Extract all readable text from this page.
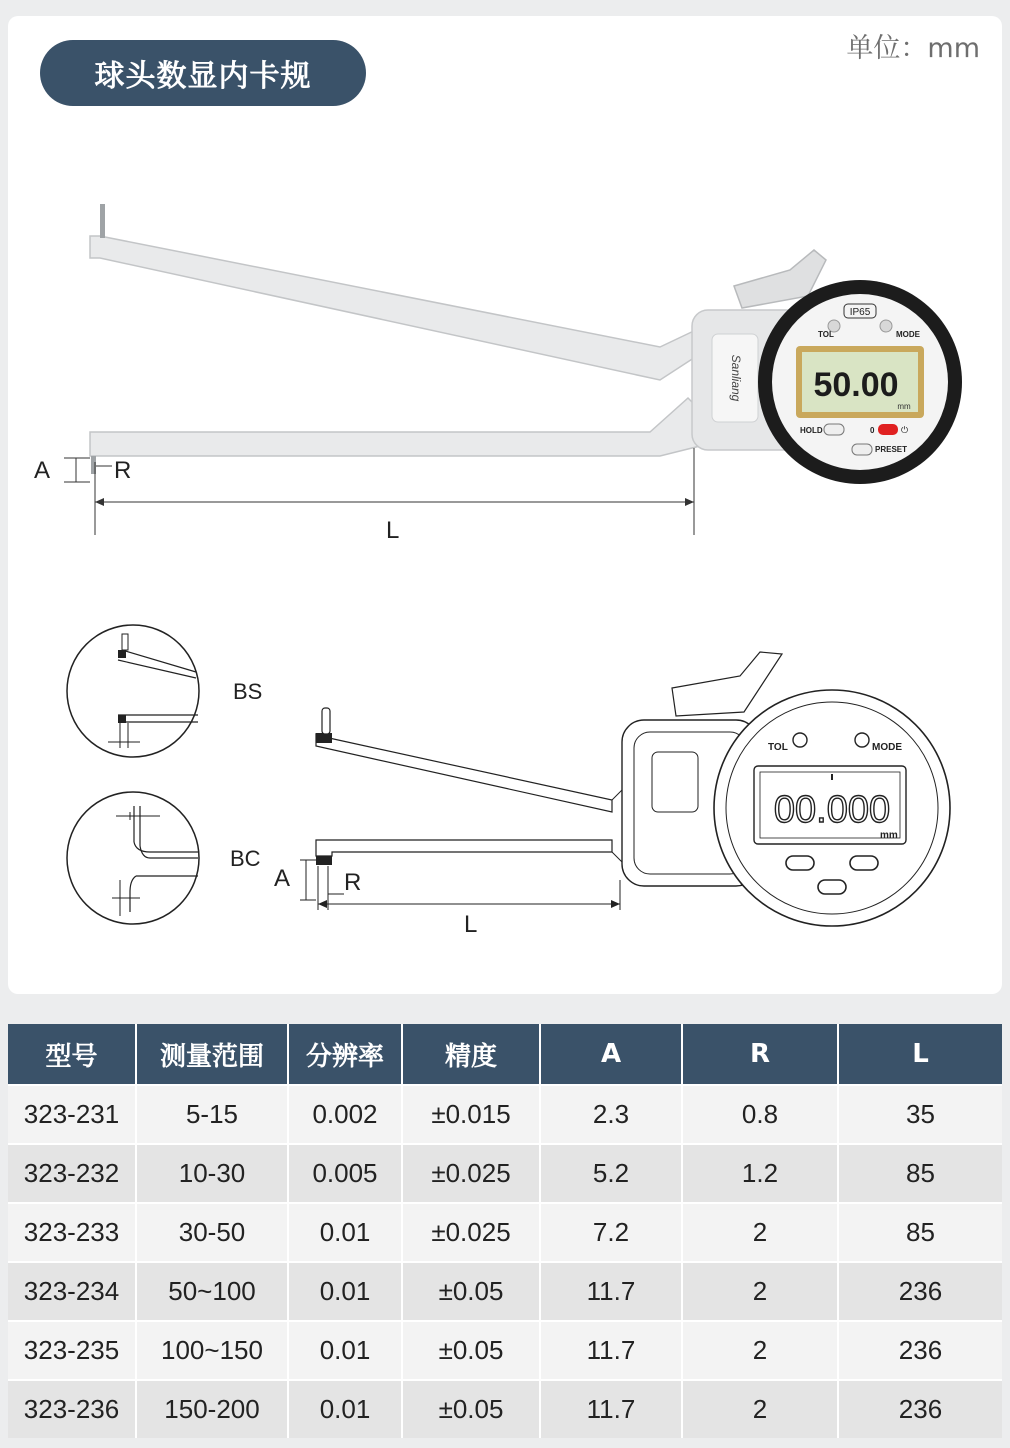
球头数显内卡规
单位：mm
Sanliang
IP65
TOL	MODE
50.00
mm
HOLD	0	⏻
PRESET
A	R
L
BS
BC
TOL	MODE
00.000
mm
A R
L
型号	测量范围	分辨率	精度	A	R	L
323-231	5-15	0.002	±0.015	2.3	0.8	35
323-232	10-30	0.005	±0.025	5.2	1.2	85
323-233	30-50	0.01	±0.025	7.2	2	85
323-234	50~100	0.01	±0.05	11.7	2	236
323-235	100~150	0.01	±0.05	11.7	2	236
323-236	150-200	0.01	±0.05	11.7	2	236
